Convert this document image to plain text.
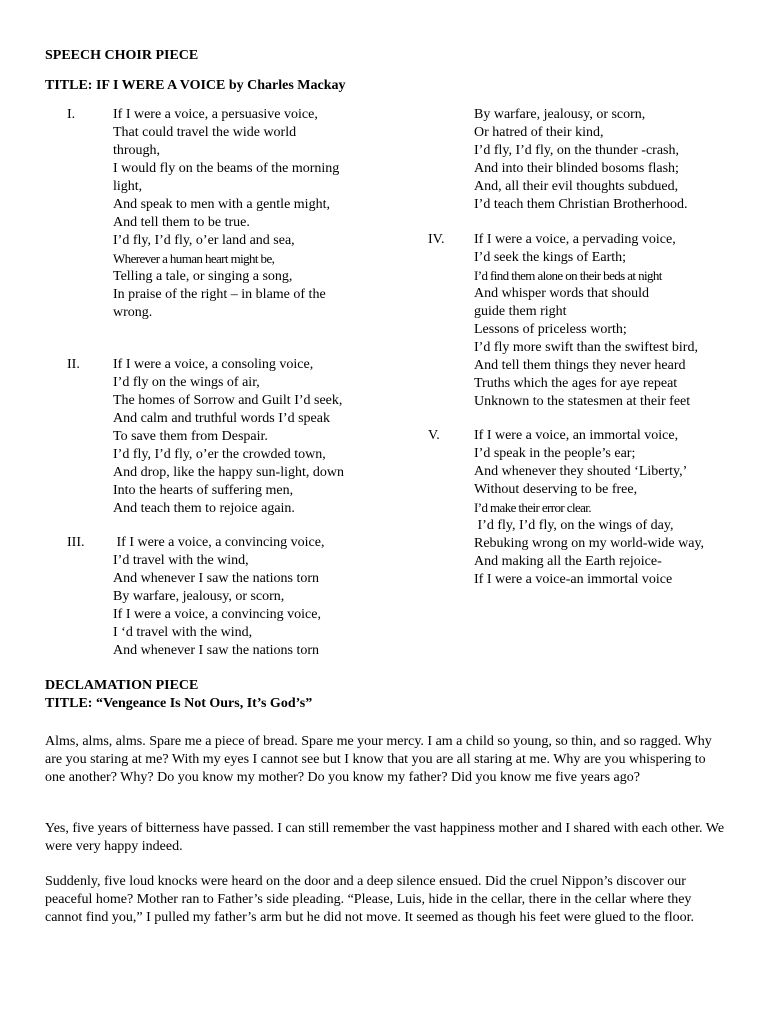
SPEECH CHOIR PIECE
TITLE: IF I WERE A VOICE by Charles Mackay
I.	If I were a voice, a persuasive voice,
That could travel the wide world
through,
I would fly on the beams of the morning
light,
And speak to men with a gentle might,
And tell them to be true.
I’d fly, I’d fly, o’er land and sea,
Wherever a human heart might be,
Telling a tale, or singing a song,
In praise of the right – in blame of the
wrong.
II. If I were a voice, a consoling voice,
I’d fly on the wings of air,
The homes of Sorrow and Guilt I’d seek,
And calm and truthful words I’d speak
To save them from Despair.
I’d fly, I’d fly, o’er the crowded town,
And drop, like the happy sun-light, down
Into the hearts of suffering men,
And teach them to rejoice again.
III. If I were a voice, a convincing voice,
I’d travel with the wind,
And whenever I saw the nations torn
By warfare, jealousy, or scorn,
If I were a voice, a convincing voice,
I ‘d travel with the wind,
And whenever I saw the nations torn
By warfare, jealousy, or scorn,
Or hatred of their kind,
I’d fly, I’d fly, on the thunder -crash,
And into their blinded bosoms flash;
And, all their evil thoughts subdued,
I’d teach them Christian Brotherhood.
IV. If I were a voice, a pervading voice,
I’d seek the kings of Earth;
I’d find them alone on their beds at night
And whisper words that should
guide them right
Lessons of priceless worth;
I’d fly more swift than the swiftest bird,
And tell them things they never heard
Truths which the ages for aye repeat
Unknown to the statesmen at their feet
V. If I were a voice, an immortal voice,
I’d speak in the people’s ear;
And whenever they shouted ‘Liberty,’
Without deserving to be free,
I’d make their error clear.
I’d fly, I’d fly, on the wings of day,
Rebuking wrong on my world-wide way,
And making all the Earth rejoice-
If I were a voice-an immortal voice
DECLAMATION PIECE
TITLE: “Vengeance Is Not Ours, It’s God’s”
Alms, alms, alms. Spare me a piece of bread. Spare me your mercy. I am a child so young, so thin, and so ragged. Why are you staring at me? With my eyes I cannot see but I know that you are all staring at me. Why are you whispering to one another? Why? Do you know my mother? Do you know my father? Did you know me five years ago?
Yes, five years of bitterness have passed. I can still remember the vast happiness mother and I shared with each other. We were very happy indeed.
Suddenly, five loud knocks were heard on the door and a deep silence ensued. Did the cruel Nippon’s discover our peaceful home? Mother ran to Father’s side pleading. “Please, Luis, hide in the cellar, there in the cellar where they cannot find you,” I pulled my father’s arm but he did not move. It seemed as though his feet were glued to the floor.
